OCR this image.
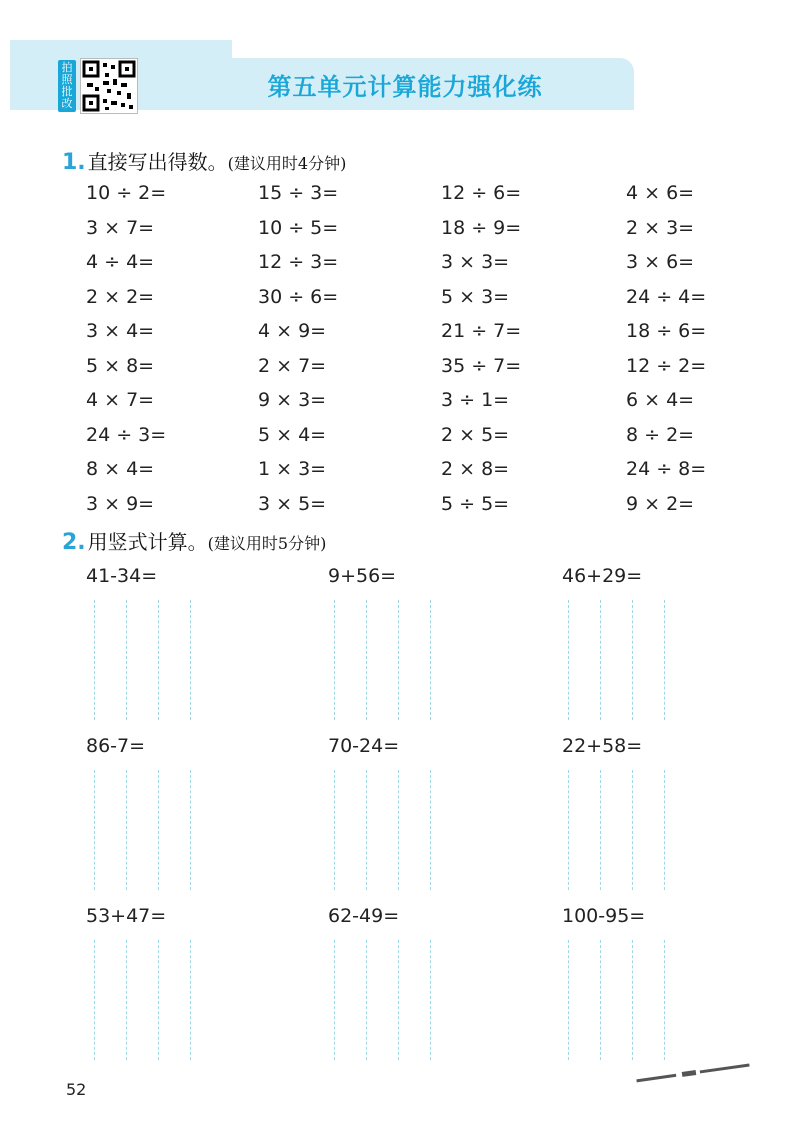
拍
照
批
改
第五单元计算能力强化练
1. 直接写出得数。 (建议用时4分钟)
10 ÷ 2=	15 ÷ 3=	12 ÷ 6=	4 × 6=
3 × 7=	10 ÷ 5=	18 ÷ 9=	2 × 3=
4 ÷ 4=	12 ÷ 3=	3 × 3=	3 × 6=
2 × 2=	30 ÷ 6=	5 × 3=	24 ÷ 4=
3 × 4=	4 × 9=	21 ÷ 7=	18 ÷ 6=
5 × 8=	2 × 7=	35 ÷ 7=	12 ÷ 2=
4 × 7=	9 × 3=	3 ÷ 1=	6 × 4=
24 ÷ 3=	5 × 4=	2 × 5=	8 ÷ 2=
8 × 4=	1 × 3=	2 × 8=	24 ÷ 8=
3 × 9=	3 × 5=	5 ÷ 5=	9 × 2=
2. 用竖式计算。 (建议用时5分钟)
41-34=	9+56=	46+29=
86-7=	70-24=	22+58=
53+47=	62-49=	100-95=
52
